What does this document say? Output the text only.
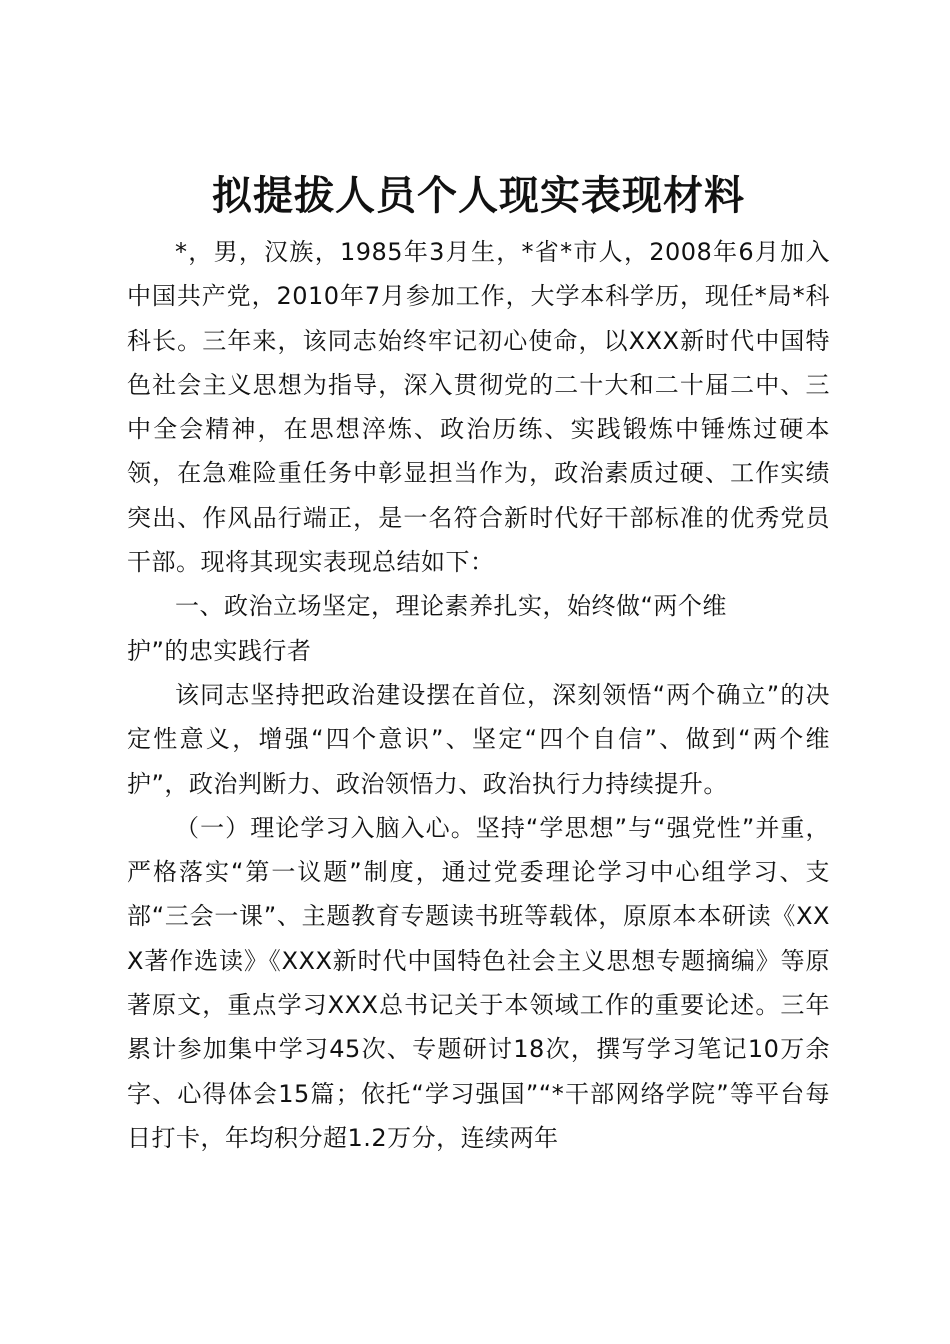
拟提拔人员个人现实表现材料

*，男，汉族，1985年3月生，*省*市人，2008年6月加入中国共产党，2010年7月参加工作，大学本科学历，现任*局*科科长。三年来，该同志始终牢记初心使命，以XXX新时代中国特色社会主义思想为指导，深入贯彻党的二十大和二十届二中、三中全会精神，在思想淬炼、政治历练、实践锻炼中锤炼过硬本领，在急难险重任务中彰显担当作为，政治素质过硬、工作实绩突出、作风品行端正，是一名符合新时代好干部标准的优秀党员干部。现将其现实表现总结如下：

一、政治立场坚定，理论素养扎实，始终做“两个维护”的忠实践行者

该同志坚持把政治建设摆在首位，深刻领悟“两个确立”的决定性意义，增强“四个意识”、坚定“四个自信”、做到“两个维护”，政治判断力、政治领悟力、政治执行力持续提升。

（一）理论学习入脑入心。坚持“学思想”与“强党性”并重，严格落实“第一议题”制度，通过党委理论学习中心组学习、支部“三会一课”、主题教育专题读书班等载体，原原本本研读《XXX著作选读》《XXX新时代中国特色社会主义思想专题摘编》等原著原文，重点学习XXX总书记关于本领域工作的重要论述。三年累计参加集中学习45次、专题研讨18次，撰写学习笔记10万余字、心得体会15篇；依托“学习强国”“*干部网络学院”等平台每日打卡，年均积分超1.2万分，连续两年
